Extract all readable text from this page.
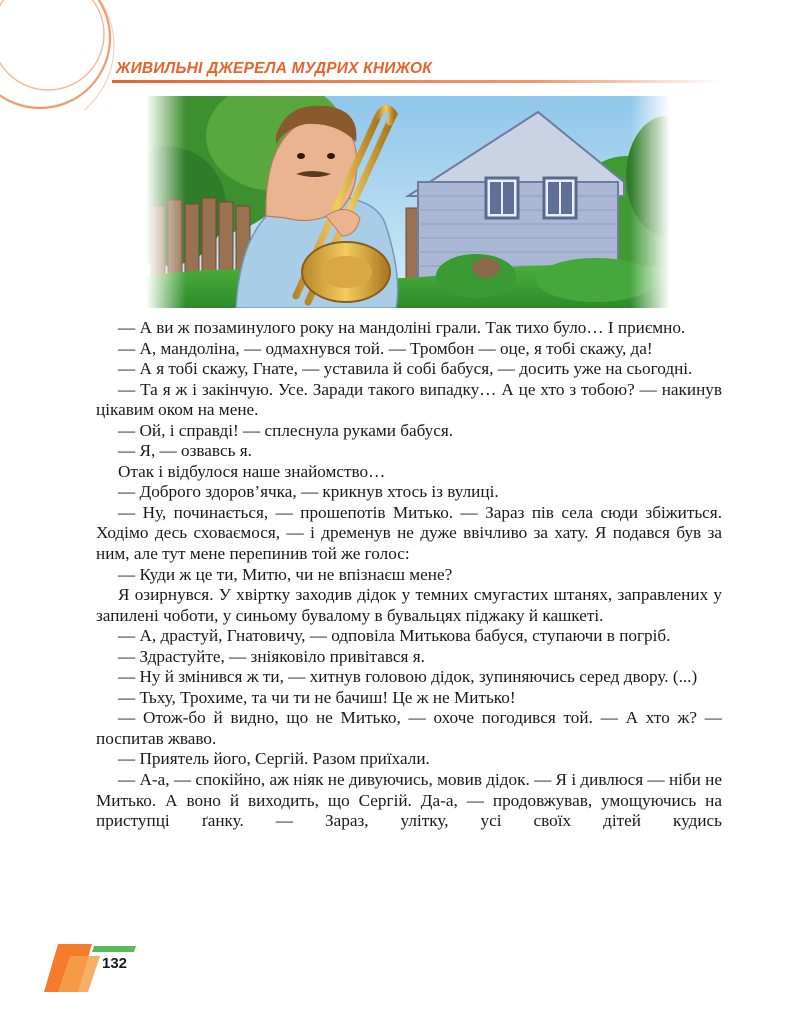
ЖИВИЛЬНІ ДЖЕРЕЛА МУДРИХ КНИЖОК

— А ви ж позаминулого року на мандоліні грали. Так тихо було… І приємно.

— А, мандоліна, — одмахнувся той. — Тромбон — оце, я тобі скажу, да!

— А я тобі скажу, Гнате, — уставила й собі бабуся, — досить уже на сьогодні.

— Та я ж і закінчую. Усе. Заради такого випадку… А це хто з тобою? — накинув цікавим оком на мене.

— Ой, і справді! — сплеснула руками бабуся.

— Я, — озвавсь я.

Отак і відбулося наше знайомство…

— Доброго здоров’ячка, — крикнув хтось із вулиці.

— Ну, починається, — прошепотів Митько. — Зараз пів села сюди збіжиться. Ходімо десь сховаємося, — і дременув не дуже ввічливо за хату. Я подався був за ним, але тут мене перепинив той же голос:

— Куди ж це ти, Митю, чи не впізнаєш мене?

Я озирнувся. У хвіртку заходив дідок у темних смугастих штанях, заправлених у запилені чоботи, у синьому бувалому в бувальцях піджаку й кашкеті.

— А, драстуй, Гнатовичу, — одповіла Митькова бабуся, ступаючи в погріб.

— Здрастуйте, — зніяковіло привітався я.

— Ну й змінився ж ти, — хитнув головою дідок, зупиняючись серед двору. (...)

— Тьху, Трохиме, та чи ти не бачиш! Це ж не Митько!

— Отож-бо й видно, що не Митько, — охоче погодився той. — А хто ж? — поспитав жваво.

— Приятель його, Сергій. Разом приїхали.

— А-а, — спокійно, аж ніяк не дивуючись, мовив дідок. — Я і дивлюся — ніби не Митько. А воно й виходить, що Сергій. Да-а, — продовжував, умощуючись на приступці ґанку. — Зараз, улітку, усі своїх дітей кудись

132
